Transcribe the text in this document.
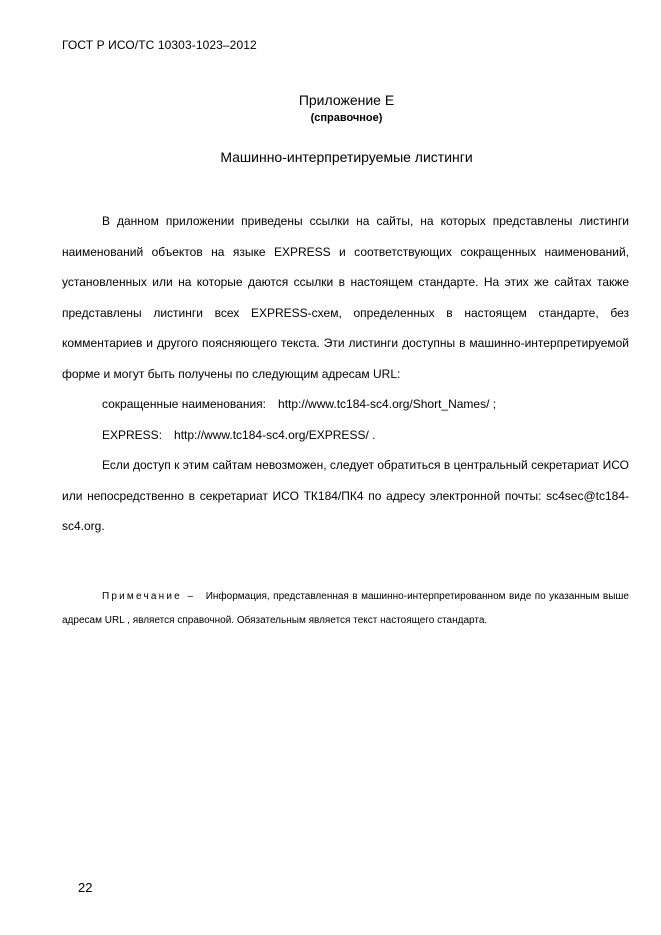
ГОСТ Р ИСО/ТС 10303-1023–2012
Приложение Е
(справочное)
Машинно-интерпретируемые листинги

В данном приложении приведены ссылки на сайты, на которых представлены листинги наименований объектов на языке EXPRESS и соответствующих сокращенных наименований, установленных или на которые даются ссылки в настоящем стандарте. На этих же сайтах также представлены листинги всех EXPRESS-схем, определенных в настоящем стандарте, без комментариев и другого поясняющего текста. Эти листинги доступны в машинно-интерпретируемой форме и могут быть получены по следующим адресам URL:

сокращенные наименования: http://www.tc184-sc4.org/Short_Names/ ;

EXPRESS: http://www.tc184-sc4.org/EXPRESS/ .

Если доступ к этим сайтам невозможен, следует обратиться в центральный секретариат ИСО или непосредственно в секретариат ИСО ТК184/ПК4 по адресу электронной почты: sc4sec@tc184-sc4.org.

Примечание – Информация, представленная в машинно-интерпретированном виде по указанным выше адресам URL , является справочной. Обязательным является текст настоящего стандарта.

22
